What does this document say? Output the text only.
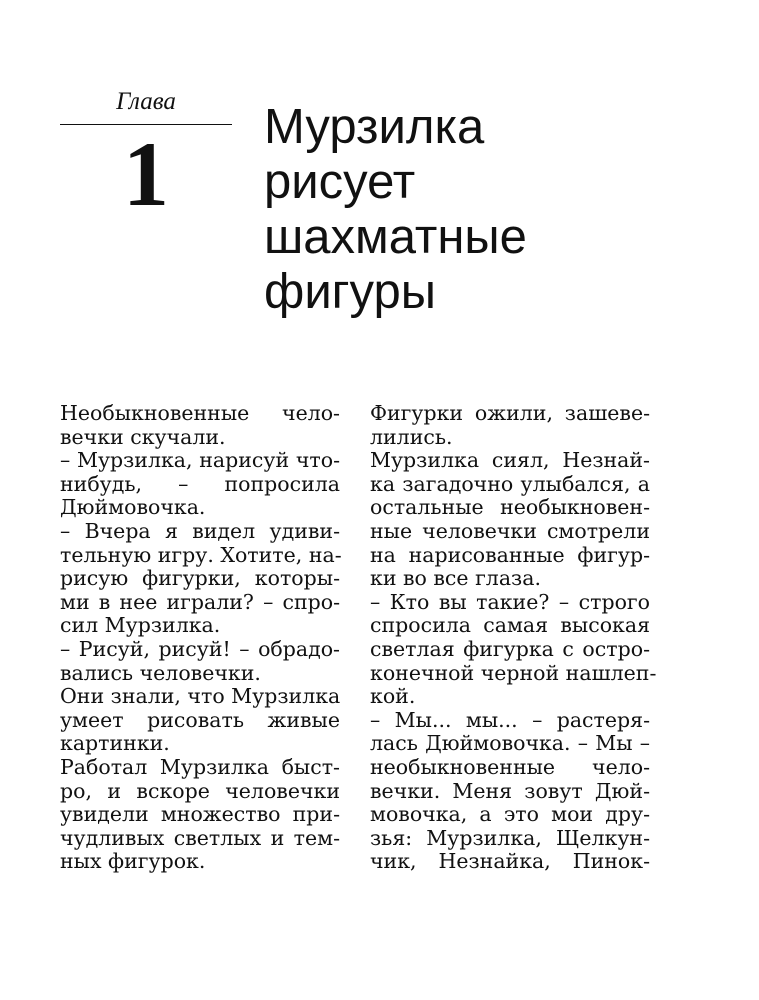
Глава
1	Мурзилка
рисует
шахматные
фигуры
Необыкновенные чело-
вечки скучали.
– Мурзилка, нарисуй что-
нибудь, – попросила
Дюймовочка.
– Вчера я видел удиви-
тельную игру. Хотите, на-
рисую фигурки, которы-
ми в нее играли? – спро-
сил Мурзилка.
– Рисуй, рисуй! – обрадо-
вались человечки.
Они знали, что Мурзилка
умеет рисовать живые
картинки.
Работал Мурзилка быст-
ро, и вскоре человечки
увидели множество при-
чудливых светлых и тем-
ных фигурок.
Фигурки ожили, зашеве-
лились.
Мурзилка сиял, Незнай-
ка загадочно улыбался, а
остальные необыкновен-
ные человечки смотрели
на нарисованные фигур-
ки во все глаза.
– Кто вы такие? – строго
спросила самая высокая
светлая фигурка с остро-
конечной черной нашлеп-
кой.
– Мы... мы... – растеря-
лась Дюймовочка. – Мы –
необыкновенные чело-
вечки. Меня зовут Дюй-
мовочка, а это мои дру-
зья: Мурзилка, Щелкун-
чик, Незнайка, Пинок-
